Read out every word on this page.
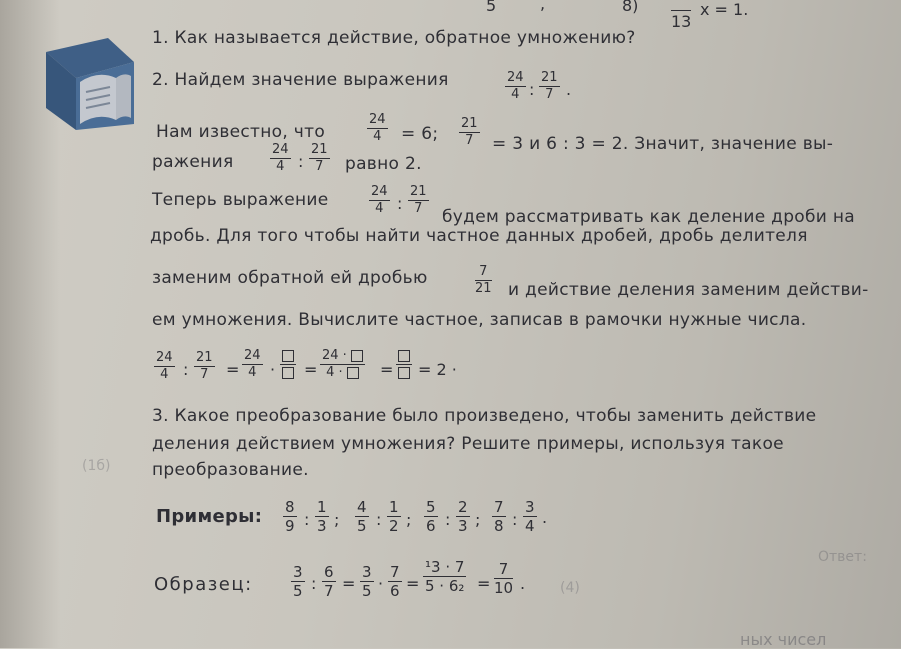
(1б)
Ответ:
(4)
ных чисел
5	,	8)
13
x = 1.
1. Как называется действие, обратное умножению?
2. Найдем значение выражения	$\frac{24}{4}$ : $\frac{21}{7}$ .
Нам известно, что	$\frac{24}{4} = 6$; $\frac{21}{7} = 3$ и 6 : 3 = 2. Значит, значение вы-
ражения	$\frac{24}{4}$ : $\frac{21}{7}$ равно 2.
Теперь выражение	$\frac{24}{4}$ : $\frac{21}{7}$ будем рассматривать как деление дроби на
дробь. Для того чтобы найти частное данных дробей, дробь делителя
заменим обратной ей дробью	$\frac{7}{21}$ и действие деления заменим действи-
ем умножения. Вычислите частное, записав в рамочки нужные числа.
$\frac{24}{4}$ : $\frac{21}{7} = \frac{24}{4}$ · = $\frac{24 \cdot}{4 \cdot}$ = = 2 ·
3. Какое преобразование было произведено, чтобы заменить действие
деления действием умножения? Решите примеры, используя такое
преобразование.
Примеры: $\frac{8}{9}$ : $\frac{1}{3}$ ; $\frac{4}{5}$ : $\frac{1}{2}$ ; $\frac{5}{6}$ : $\frac{2}{3}$ ; $\frac{7}{8}$ : $\frac{3}{4}$ .
Образец:	$\frac{3}{5}$ : $\frac{6}{7} = \frac{3}{5} \cdot \frac{7}{6} = \frac{\text{¹3 · 7}}{\text{5 · 6₂}} = \frac{7}{10}$ .
